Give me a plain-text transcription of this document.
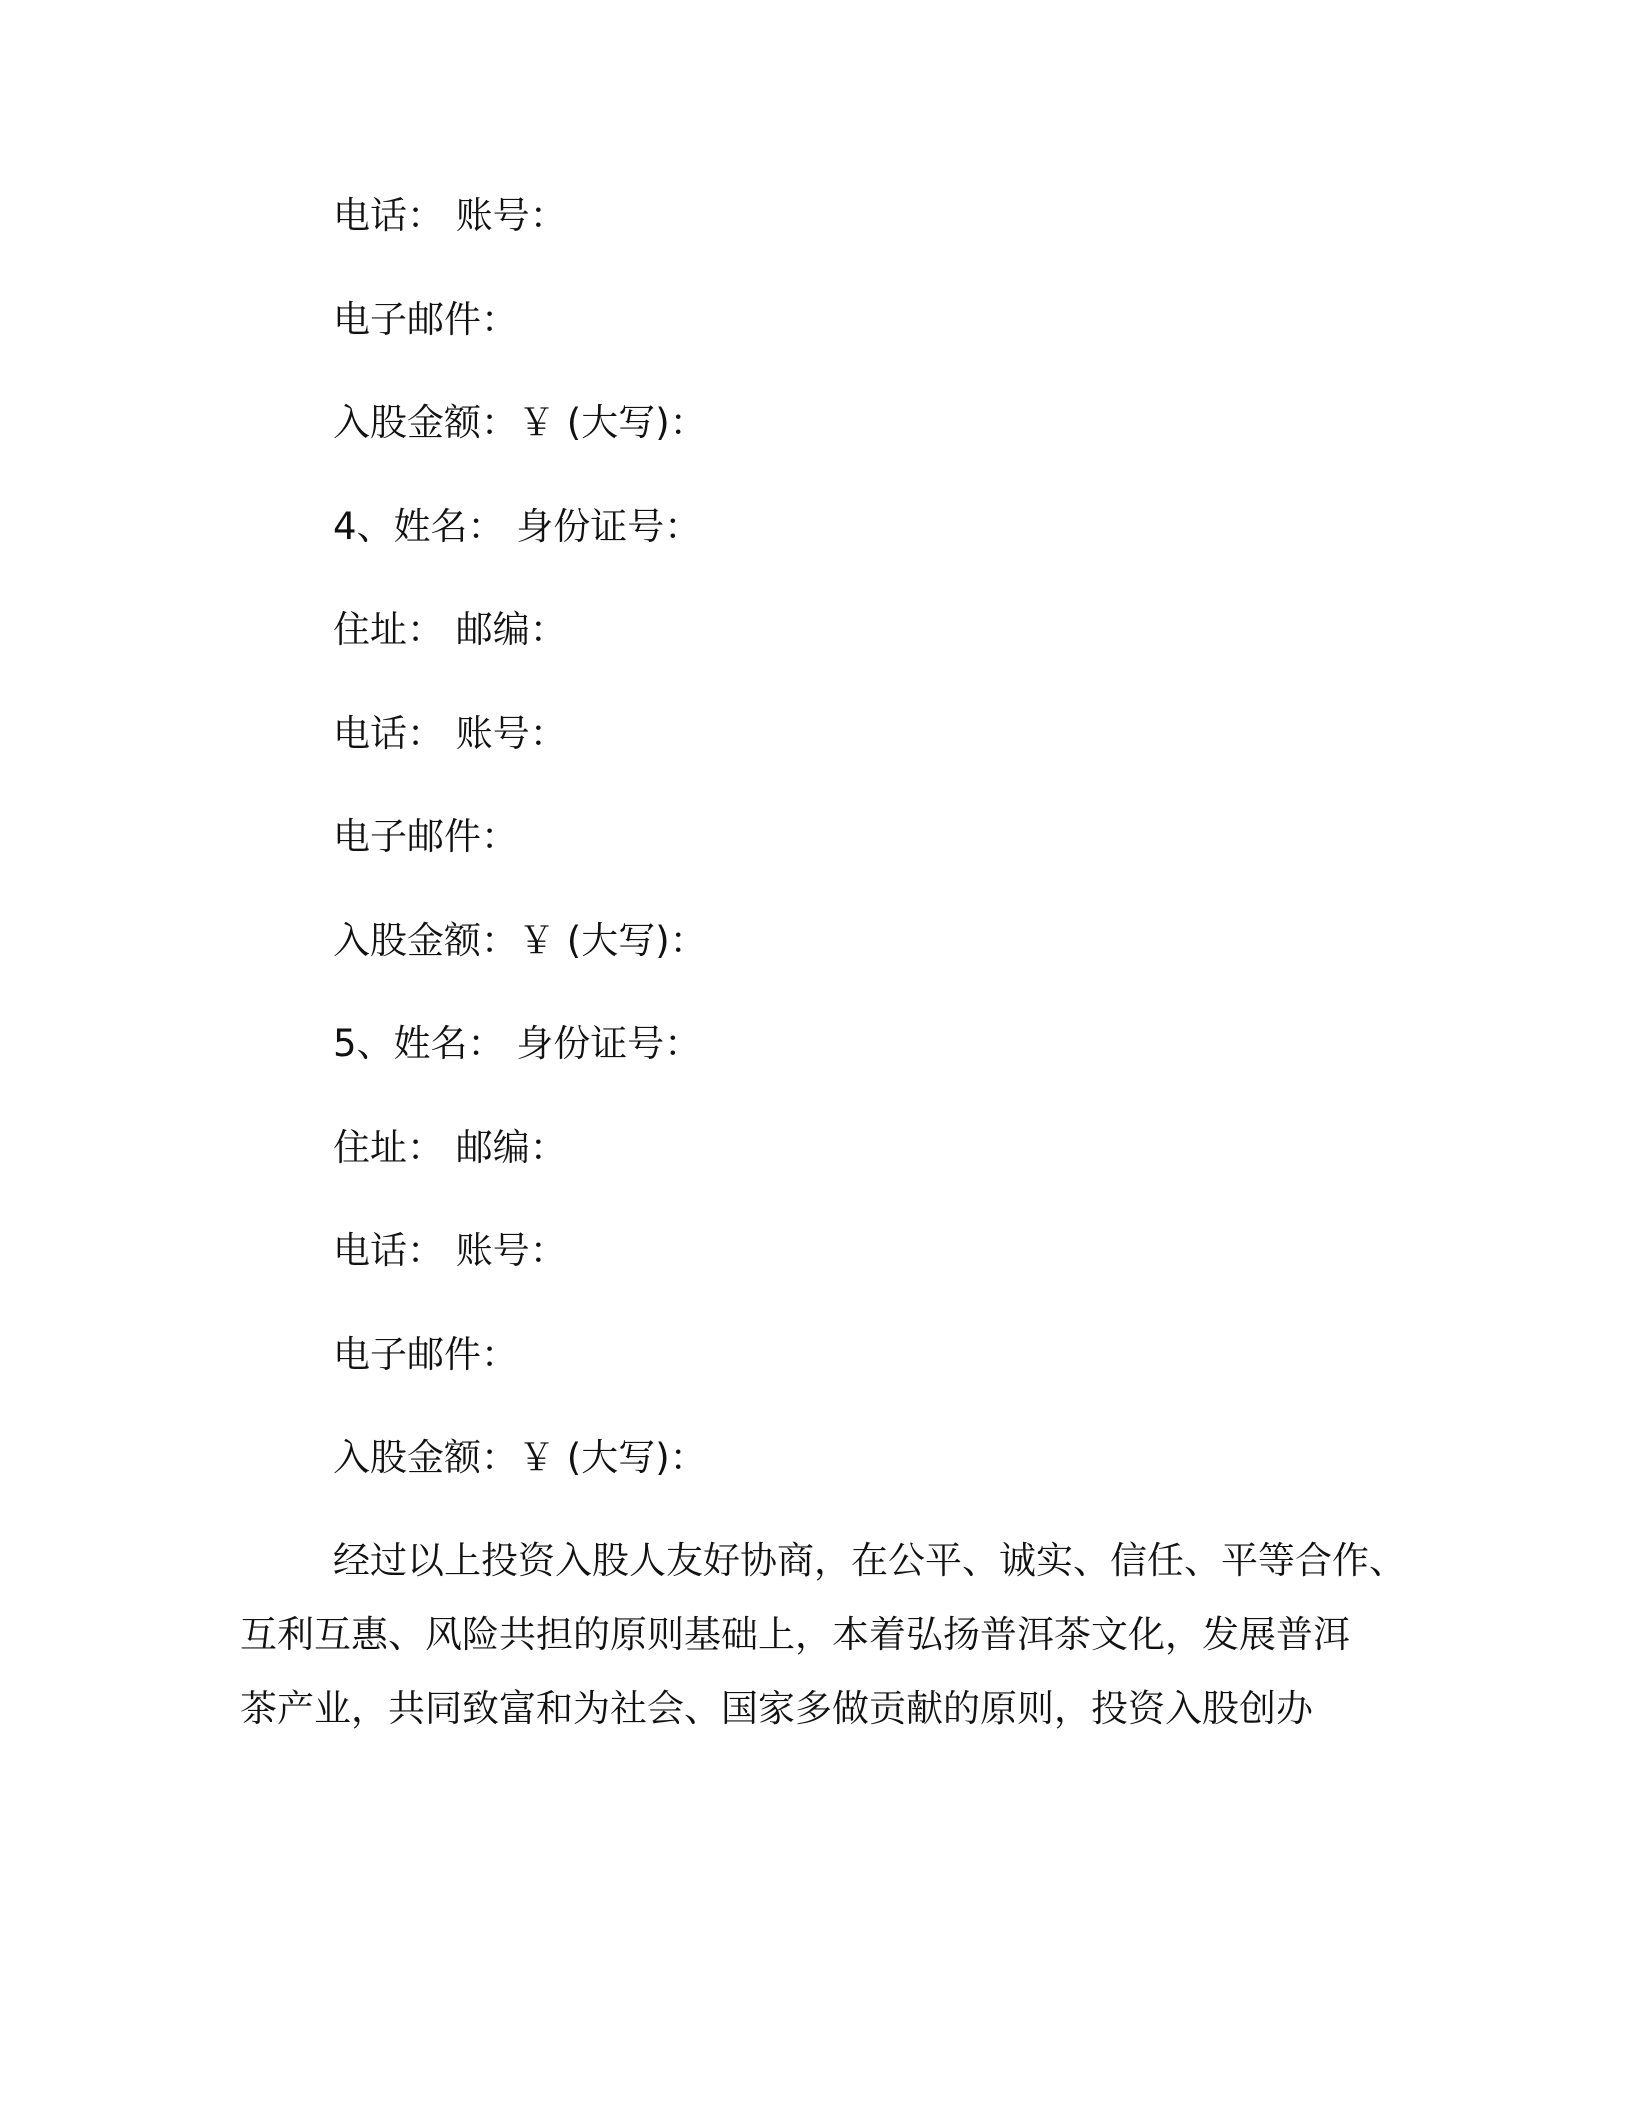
电话： 账号：
电子邮件：
入股金额：￥ (大写)：
4、姓名： 身份证号：
住址： 邮编：
电话： 账号：
电子邮件：
入股金额：￥ (大写)：
5、姓名： 身份证号：
住址： 邮编：
电话： 账号：
电子邮件：
入股金额：￥ (大写)：
经过以上投资入股人友好协商，在公平、诚实、信任、平等合作、
互利互惠、风险共担的原则基础上，本着弘扬普洱茶文化，发展普洱
茶产业，共同致富和为社会、国家多做贡献的原则，投资入股创办
